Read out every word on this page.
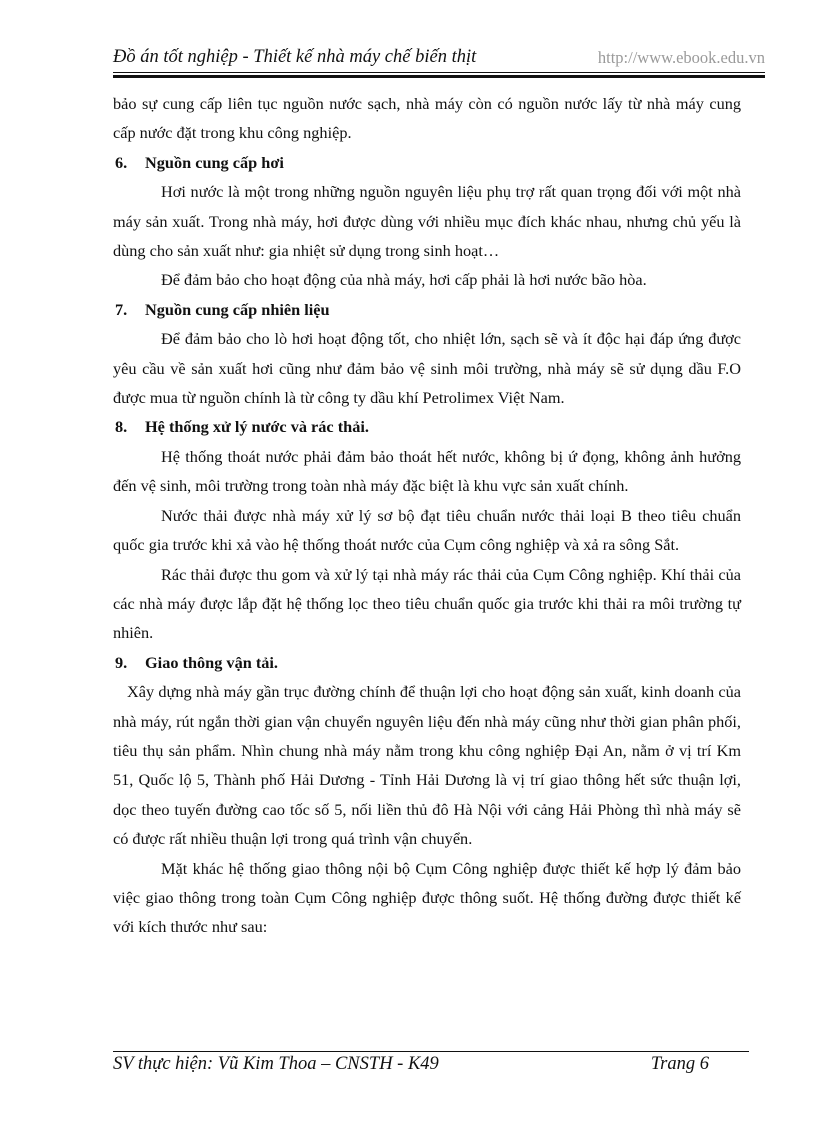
Đồ án tốt nghiệp - Thiết kế nhà máy chế biến thịt	http://www.ebook.edu.vn

bảo sự cung cấp liên tục nguồn nước sạch, nhà máy còn có nguồn nước lấy từ nhà máy cung cấp nước đặt trong khu công nghiệp.

6. Nguồn cung cấp hơi

Hơi nước là một trong những nguồn nguyên liệu phụ trợ rất quan trọng đối với một nhà máy sản xuất. Trong nhà máy, hơi được dùng với nhiều mục đích khác nhau, nhưng chủ yếu là dùng cho sản xuất như: gia nhiệt sử dụng trong sinh hoạt…

Để đảm bảo cho hoạt động của nhà máy, hơi cấp phải là hơi nước bão hòa.

7. Nguồn cung cấp nhiên liệu

Để đảm bảo cho lò hơi hoạt động tốt, cho nhiệt lớn, sạch sẽ và ít độc hại đáp ứng được yêu cầu về sản xuất hơi cũng như đảm bảo vệ sinh môi trường, nhà máy sẽ sử dụng dầu F.O được mua từ nguồn chính là từ công ty dầu khí Petrolimex Việt Nam.

8. Hệ thống xử lý nước và rác thải.

Hệ thống thoát nước phải đảm bảo thoát hết nước, không bị ứ đọng, không ảnh hưởng đến vệ sinh, môi trường trong toàn nhà máy đặc biệt là khu vực sản xuất chính.

Nước thải được nhà máy xử lý sơ bộ đạt tiêu chuẩn nước thải loại B theo tiêu chuẩn quốc gia trước khi xả vào hệ thống thoát nước của Cụm công nghiệp và xả ra sông Sắt.

Rác thải được thu gom và xử lý tại nhà máy rác thải của Cụm Công nghiệp. Khí thải của các nhà máy được lắp đặt hệ thống lọc theo tiêu chuẩn quốc gia trước khi thải ra môi trường tự nhiên.

9. Giao thông vận tải.

Xây dựng nhà máy gần trục đường chính để thuận lợi cho hoạt động sản xuất, kinh doanh của nhà máy, rút ngắn thời gian vận chuyển nguyên liệu đến nhà máy cũng như thời gian phân phối, tiêu thụ sản phẩm. Nhìn chung nhà máy nằm trong khu công nghiệp Đại An, nằm ở vị trí Km 51, Quốc lộ 5, Thành phố Hải Dương - Tỉnh Hải Dương là vị trí giao thông hết sức thuận lợi, dọc theo tuyến đường cao tốc số 5, nối liền thủ đô Hà Nội với cảng Hải Phòng thì nhà máy sẽ có được rất nhiều thuận lợi trong quá trình vận chuyển.

Mặt khác hệ thống giao thông nội bộ Cụm Công nghiệp được thiết kế hợp lý đảm bảo việc giao thông trong toàn Cụm Công nghiệp được thông suốt. Hệ thống đường được thiết kế với kích thước như sau:

SV thực hiện: Vũ Kim Thoa – CNSTH - K49	Trang 6
